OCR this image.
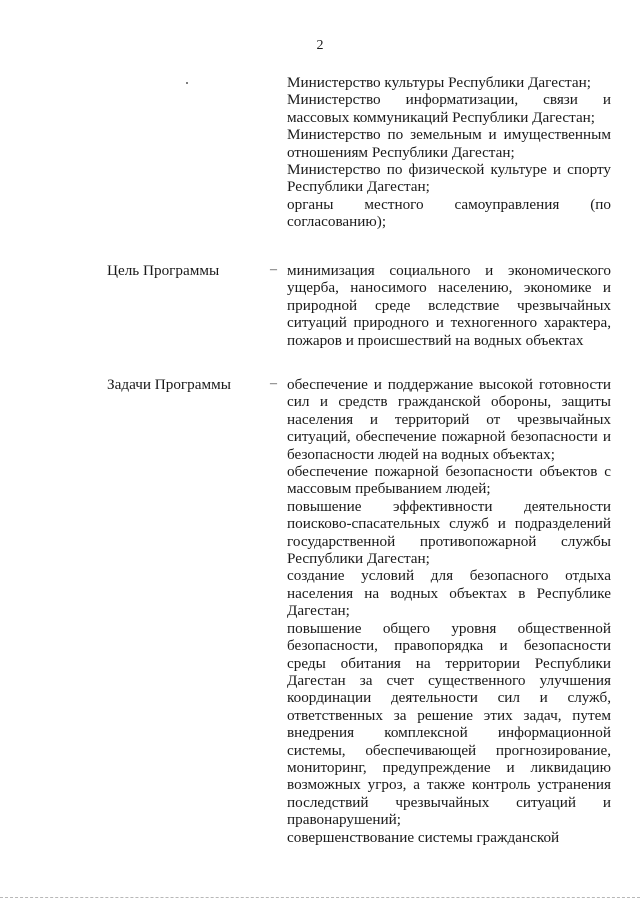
2

Министерство культуры Республики Дагестан;

Министерство информатизации, связи и массовых коммуникаций Республики Дагестан;

Министерство по земельным и имущественным отношениям Республики Дагестан;

Министерство по физической культуре и спорту Республики Дагестан;

органы местного самоуправления (по согласованию);

Цель Программы	– минимизация социального и экономического ущерба, наносимого населению, экономике и природной среде вследствие чрезвычайных ситуаций природного и техногенного характера, пожаров и происшествий на водных объектах

Задачи Программы	– обеспечение и поддержание высокой готовности сил и средств гражданской обороны, защиты населения и территорий от чрезвычайных ситуаций, обеспечение пожарной безопасности и безопасности людей на водных объектах;

обеспечение пожарной безопасности объектов с массовым пребыванием людей;

повышение эффективности деятельности поисково-спасательных служб и подразделений государственной противопожарной службы Республики Дагестан;

создание условий для безопасного отдыха населения на водных объектах в Республике Дагестан;

повышение общего уровня общественной безопасности, правопорядка и безопасности среды обитания на территории Республики Дагестан за счет существенного улучшения координации деятельности сил и служб, ответственных за решение этих задач, путем внедрения комплексной информационной системы, обеспечивающей прогнозирование, мониторинг, предупреждение и ликвидацию возможных угроз, а также контроль устранения последствий чрезвычайных ситуаций и правонарушений;

совершенствование системы гражданской
